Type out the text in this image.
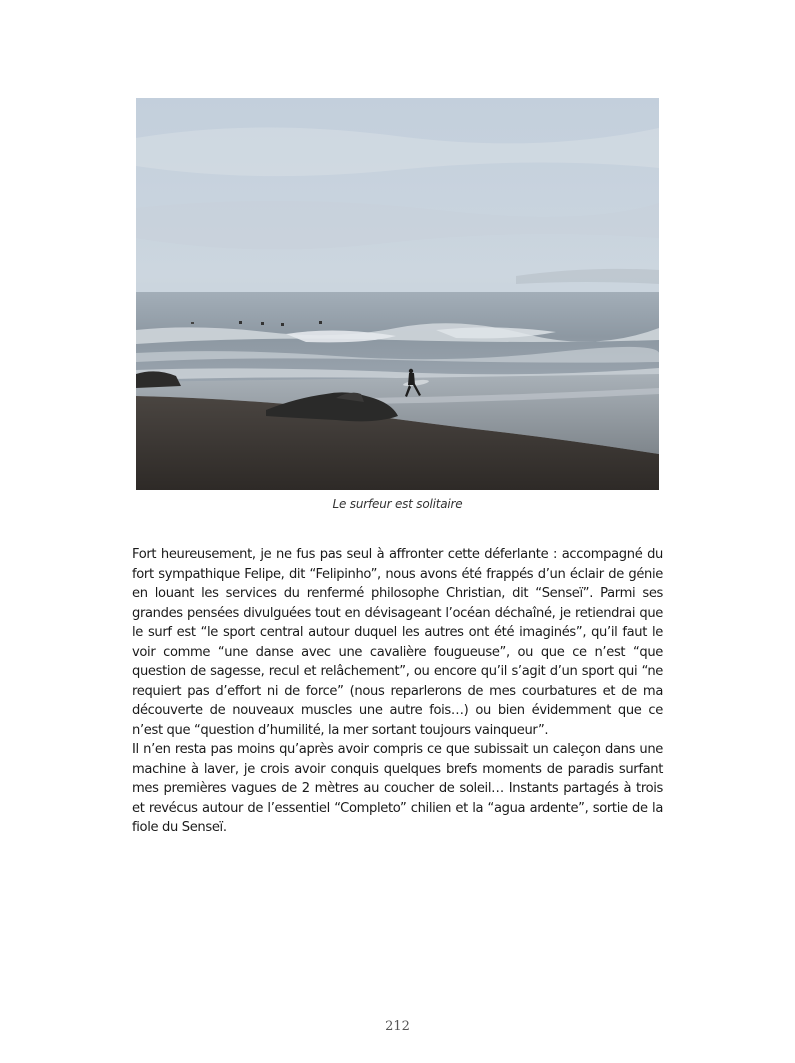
Le surfeur est solitaire

Fort heureusement, je ne fus pas seul à affronter cette déferlante : accompagné du fort sympathique Felipe, dit “Felipinho”, nous avons été frappés d’un éclair de génie en louant les services du renfermé philosophe Christian, dit “Senseï”. Parmi ses grandes pensées divulguées tout en dévisageant l’océan déchaîné, je retiendrai que le surf est “le sport central autour duquel les autres ont été imaginés”, qu’il faut le voir comme “une danse avec une cavalière fougueuse”, ou que ce n’est “que question de sagesse, recul et relâchement”, ou encore qu’il s’agit d’un sport qui “ne requiert pas d’effort ni de force” (nous reparlerons de mes courbatures et de ma découverte de nouveaux muscles une autre fois…) ou bien évidemment que ce n’est que “question d’humilité, la mer sortant toujours vainqueur”.

Il n’en resta pas moins qu’après avoir compris ce que subissait un caleçon dans une machine à laver, je crois avoir conquis quelques brefs moments de paradis surfant mes premières vagues de 2 mètres au coucher de soleil… Instants partagés à trois et revécus autour de l’essentiel “Completo” chilien et la “agua ardente”, sortie de la fiole du Senseï.

212
